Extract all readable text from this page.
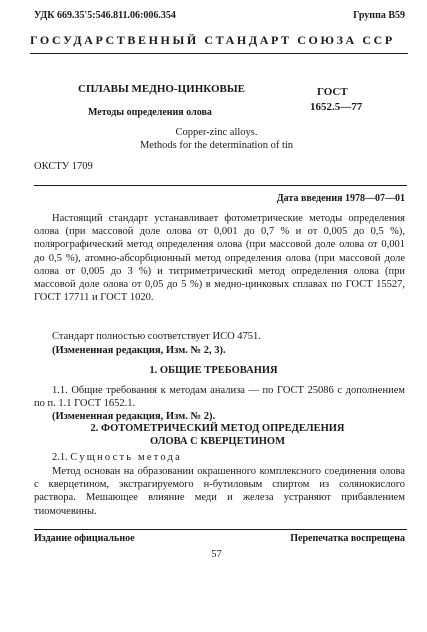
УДК 669.35'5:546.811.06:006.354	Группа В59
ГОСУДАРСТВЕННЫЙ СТАНДАРТ СОЮЗА ССР
СПЛАВЫ МЕДНО-ЦИНКОВЫЕ
Методы определения олова
ГОСТ
1652.5—77
Copper-zinc alloys.
Methods for the determination of tin
ОКСТУ 1709
Дата введения 1978—07—01

Настоящий стандарт устанавливает фотометрические методы определения олова (при массовой доле олова от 0,001 до 0,7 % и от 0,005 до 0,5 %), полярографический метод определения олова (при массовой доле олова от 0,001 до 0,5 %), атомно-абсорбционный метод определения олова (при массовой доле олова от 0,005 до 3 %) и титриметрический метод определения олова (при массовой доле олова от 0,05 до 5 %) в медно-цинковых сплавах по ГОСТ 15527, ГОСТ 17711 и ГОСТ 1020.

Стандарт полностью соответствует ИСО 4751.

(Измененная редакция, Изм. № 2, 3).

1. ОБЩИЕ ТРЕБОВАНИЯ

1.1. Общие требования к методам анализа — по ГОСТ 25086 с дополнением по п. 1.1 ГОСТ 1652.1.

(Измененная редакция, Изм. № 2).

2. ФОТОМЕТРИЧЕСКИЙ МЕТОД ОПРЕДЕЛЕНИЯ
ОЛОВА С КВЕРЦЕТИНОМ
2.1. Сущность метода

Метод основан на образовании окрашенного комплексного соединения олова с кверцетином, экстрагируемого н-бутиловым спиртом из солянокислого раствора. Мешающее влияние меди и железа устраняют прибавлением тиомочевины.

Издание официальное	Перепечатка воспрещена
57
